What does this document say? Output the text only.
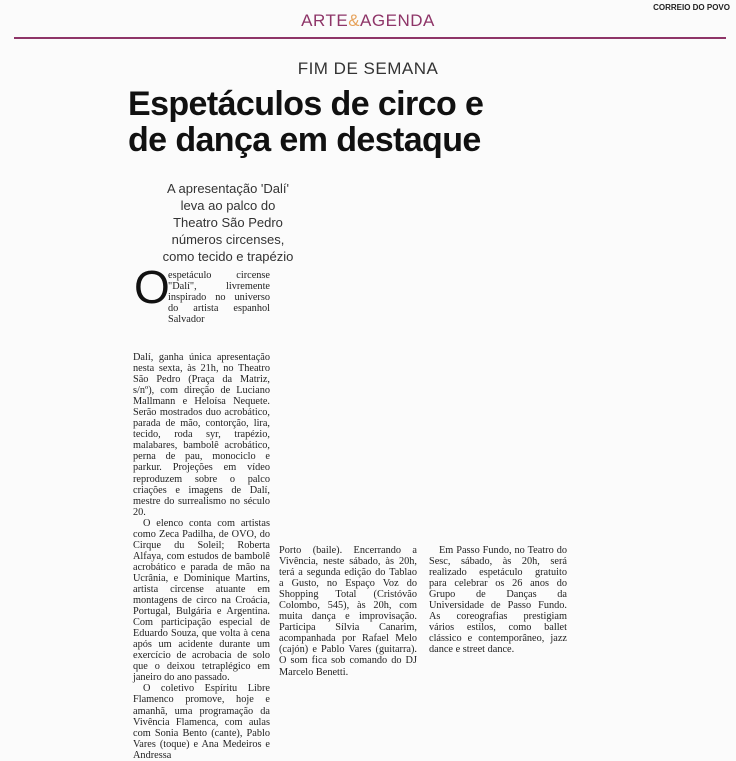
CORREIO DO POVO
ARTE&AGENDA
FIM DE SEMANA
Espetáculos de circo e
de dança em destaque
A apresentação 'Dalí'
leva ao palco do
Theatro São Pedro
números circenses,
como tecido e trapézio
O

espetáculo circense "Dalí", livremente inspirado no universo do artista espanhol Salvador

Dalí, ganha única apresentação nesta sexta, às 21h, no Theatro São Pedro (Praça da Matriz, s/nº), com direção de Luciano Mallmann e Heloísa Nequete. Serão mostrados duo acrobático, parada de mão, contorção, lira, tecido, roda syr, trapézio, malabares, bambolê acrobático, perna de pau, monociclo e parkur. Projeções em vídeo reproduzem sobre o palco criações e imagens de Dalí, mestre do surrealismo no século 20.

O elenco conta com artistas como Zeca Padilha, de OVO, do Cirque du Soleil; Roberta Alfaya, com estudos de bambolê acrobático e parada de mão na Ucrânia, e Dominique Martins, artista circense atuante em montagens de circo na Croácia, Portugal, Bulgária e Argentina. Com participação especial de Eduardo Souza, que volta à cena após um acidente durante um exercício de acrobacia de solo que o deixou tetraplégico em janeiro do ano passado.

O coletivo Espíritu Libre Flamenco promove, hoje e amanhã, uma programação da Vivência Flamenca, com aulas com Sonia Bento (cante), Pablo Vares (toque) e Ana Medeiros e Andressa

Porto (baile). Encerrando a Vivência, neste sábado, às 20h, terá a segunda edição do Tablao a Gusto, no Espaço Voz do Shopping Total (Cristóvão Colombo, 545), às 20h, com muita dança e improvisação. Participa Sílvia Canarim, acompanhada por Rafael Melo (cajón) e Pablo Vares (guitarra). O som fica sob comando do DJ Marcelo Benetti.

Em Passo Fundo, no Teatro do Sesc, sábado, às 20h, será realizado espetáculo gratuito para celebrar os 26 anos do Grupo de Danças da Universidade de Passo Fundo. As coreografias prestigiam vários estilos, como ballet clássico e contemporâneo, jazz dance e street dance.
